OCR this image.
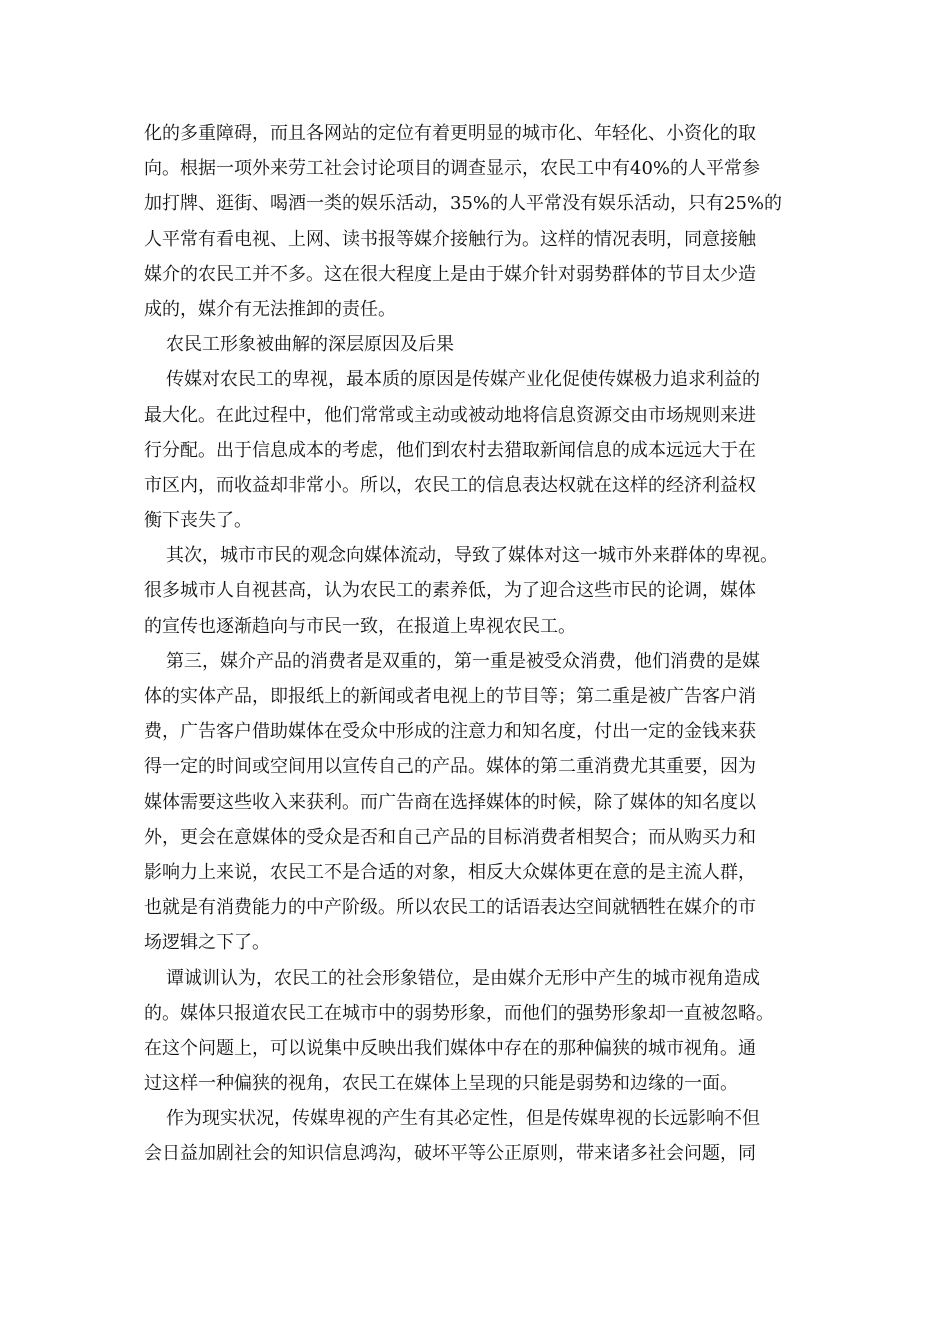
化的多重障碍，而且各网站的定位有着更明显的城市化、年轻化、小资化的取
向。根据一项外来劳工社会讨论项目的调查显示，农民工中有40%的人平常参
加打牌、逛街、喝酒一类的娱乐活动，35%的人平常没有娱乐活动，只有25%的
人平常有看电视、上网、读书报等媒介接触行为。这样的情况表明，同意接触
媒介的农民工并不多。这在很大程度上是由于媒介针对弱势群体的节目太少造
成的，媒介有无法推卸的责任。
农民工形象被曲解的深层原因及后果
传媒对农民工的卑视，最本质的原因是传媒产业化促使传媒极力追求利益的
最大化。在此过程中，他们常常或主动或被动地将信息资源交由市场规则来进
行分配。出于信息成本的考虑，他们到农村去猎取新闻信息的成本远远大于在
市区内，而收益却非常小。所以，农民工的信息表达权就在这样的经济利益权
衡下丧失了。
其次，城市市民的观念向媒体流动，导致了媒体对这一城市外来群体的卑视。
很多城市人自视甚高，认为农民工的素养低，为了迎合这些市民的论调，媒体
的宣传也逐渐趋向与市民一致，在报道上卑视农民工。
第三，媒介产品的消费者是双重的，第一重是被受众消费，他们消费的是媒
体的实体产品，即报纸上的新闻或者电视上的节目等；第二重是被广告客户消
费，广告客户借助媒体在受众中形成的注意力和知名度，付出一定的金钱来获
得一定的时间或空间用以宣传自己的产品。媒体的第二重消费尤其重要，因为
媒体需要这些收入来获利。而广告商在选择媒体的时候，除了媒体的知名度以
外，更会在意媒体的受众是否和自己产品的目标消费者相契合；而从购买力和
影响力上来说，农民工不是合适的对象，相反大众媒体更在意的是主流人群，
也就是有消费能力的中产阶级。所以农民工的话语表达空间就牺牲在媒介的市
场逻辑之下了。
谭诚训认为，农民工的社会形象错位，是由媒介无形中产生的城市视角造成
的。媒体只报道农民工在城市中的弱势形象，而他们的强势形象却一直被忽略。
在这个问题上，可以说集中反映出我们媒体中存在的那种偏狭的城市视角。通
过这样一种偏狭的视角，农民工在媒体上呈现的只能是弱势和边缘的一面。
作为现实状况，传媒卑视的产生有其必定性，但是传媒卑视的长远影响不但
会日益加剧社会的知识信息鸿沟，破坏平等公正原则，带来诸多社会问题，同
